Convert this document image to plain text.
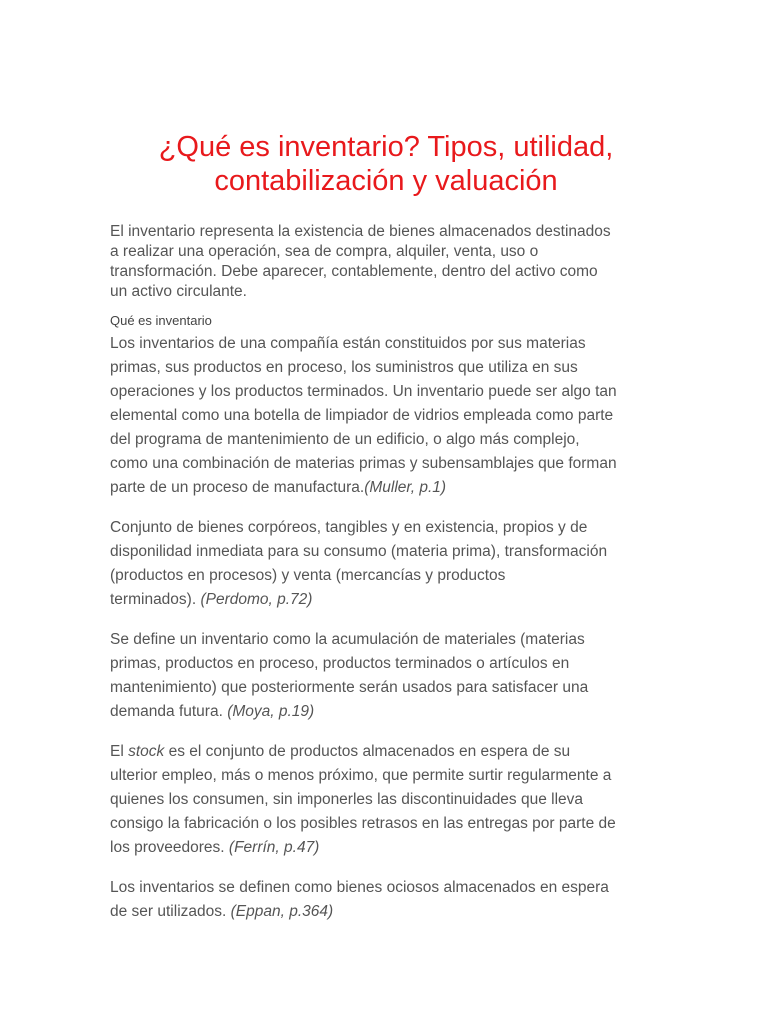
¿Qué es inventario? Tipos, utilidad,
contabilización y valuación

El inventario representa la existencia de bienes almacenados destinados
a realizar una operación, sea de compra, alquiler, venta, uso o
transformación. Debe aparecer, contablemente, dentro del activo como
un activo circulante.

Qué es inventario

Los inventarios de una compañía están constituidos por sus materias
primas, sus productos en proceso, los suministros que utiliza en sus
operaciones y los productos terminados. Un inventario puede ser algo tan
elemental como una botella de limpiador de vidrios empleada como parte
del programa de mantenimiento de un edificio, o algo más complejo,
como una combinación de materias primas y subensamblajes que forman
parte de un proceso de manufactura.(Muller, p.1)

Conjunto de bienes corpóreos, tangibles y en existencia, propios y de
disponilidad inmediata para su consumo (materia prima), transformación
(productos en procesos) y venta (mercancías y productos
terminados). (Perdomo, p.72)

Se define un inventario como la acumulación de materiales (materias
primas, productos en proceso, productos terminados o artículos en
mantenimiento) que posteriormente serán usados para satisfacer una
demanda futura. (Moya, p.19)

El stock es el conjunto de productos almacenados en espera de su
ulterior empleo, más o menos próximo, que permite surtir regularmente a
quienes los consumen, sin imponerles las discontinuidades que lleva
consigo la fabricación o los posibles retrasos en las entregas por parte de
los proveedores. (Ferrín, p.47)

Los inventarios se definen como bienes ociosos almacenados en espera
de ser utilizados. (Eppan, p.364)
